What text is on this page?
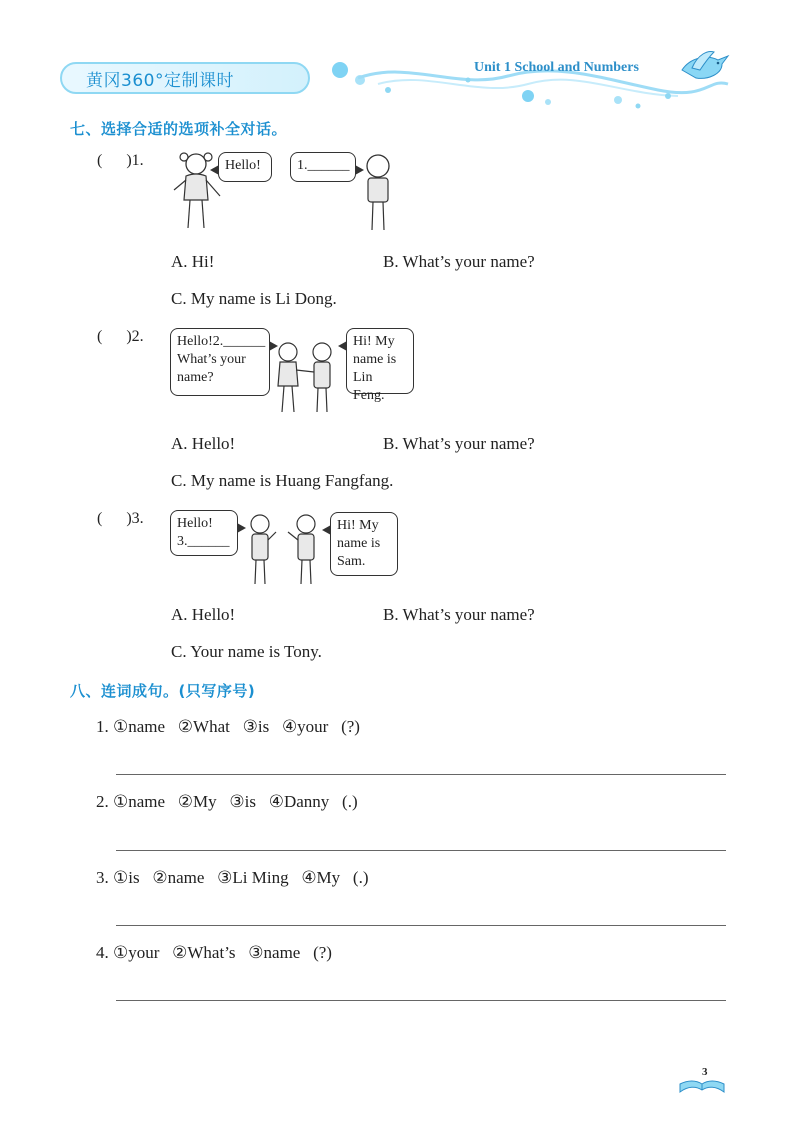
黄冈360°定制课时
Unit 1 School and Numbers
七、选择合适的选项补全对话。
(      )1.	Hello!	1.______
A. Hi!	B. What’s your name?
C. My name is Li Dong.
(      )2.	Hello!2.______
What’s your
name?
Hi! My
name is
Lin Feng.
A. Hello!	B. What’s your name?
C. My name is Huang Fangfang.
(      )3.	Hello!
3.______
Hi! My
name is
Sam.
A. Hello!	B. What’s your name?
C. Your name is Tony.
八、连词成句。(只写序号)
1. ①name   ②What   ③is   ④your   (?)
2. ①name   ②My   ③is   ④Danny   (.)
3. ①is   ②name   ③Li Ming   ④My   (.)
4. ①your   ②What’s   ③name   (?)
3
